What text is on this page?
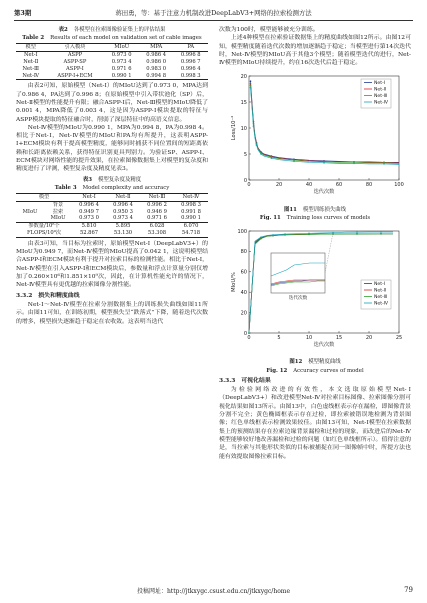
第3期	蒋田勇，等：基于注意力机制改进DeepLabV3+网络的拉索检测方法
表2 各模型在拉索图像验证集上的评估结果
Table 2 Results of each model on validation set of cable images
模型	引入模块	MIoU	MPA	PA
Net-Ⅰ	ASPP	0.973 0	0.986 4	0.996 8
Net-Ⅱ	ASPP-SP	0.973 4	0.986 0	0.996 7
Net-Ⅲ	ASPP-Ⅰ	0.971 6	0.983 0	0.996 4
Net-Ⅳ	ASPP-Ⅰ+ECM	0.990 1	0.994 8	0.998 3

由表2可知，原始模型（Net-Ⅰ）的MIoU达到了0.973 0，MPA达到了0.986 4，PA达到了0.996 8；在原始模型中引入带状池化（SP）后，Net-Ⅱ模型的性能提升有限；融合ASPP-Ⅰ后，Net-Ⅲ模型的MIoU降低了0.001 4，MPA降低了0.003 4，这是因为ASPP-Ⅰ模块提取的特征与ASPP模块提取的特征融合时，削弱了深层特征中的高语义信息。

Net-Ⅳ模型的MIoU为0.990 1，MPA为0.994 8，PA为0.998 4。相比于Net-Ⅰ，Net-Ⅳ模型的MIoU和PA均有所提升，这表明ASPP-Ⅰ+ECM模块有利于提高模型精度，能够同时捕获不同位置间的短距离依赖和长距离依赖关系，获得特征识别更具判别力。为验证SP、ASPP-Ⅰ、ECM模块对网络性能的提升效果，在拉索图像数据集上对模型的复杂度和精度进行了评测，模型复杂度及精度见表3。

表3 模型复杂度及精度
Table 3 Model complexity and accuracy
模型		Net-Ⅰ	Net-Ⅱ	Net-Ⅲ	Net-Ⅳ
MIoU	背景	0.996 4	0.996 4	0.996 2	0.998 3
	拉索	0.949 7	0.950 3	0.946 9	0.991 8
	MIoU	0.973 0	0.973 4	0.971 6	0.990 1
参数量/10⁶个		5.810	5.895	6.028	6.070
FLOPS/10⁹次		52.867	53.130	53.308	54.718

由表3可知，当目标为拉索时，原始模型Net-Ⅰ（DeepLabV3+）的MIoU为0.949 7，而Net-Ⅳ模型的MIoU提高了0.042 1，这说明模型结合ASPP-Ⅰ和ECM模块有利于提升对拉索目标的检测性能。相比于Net-Ⅰ，Net-Ⅳ模型在引入ASPP-Ⅰ和ECM模块后，参数量和浮点计算量分别仅增加了0.260×10⁶和1.851×10⁹次，因此，在计算机性能允许的情况下，Net-Ⅳ模型具有更优越的拉索图像分割性能。

3.3.2　损失和精度曲线

Net-Ⅰ～Net-Ⅳ模型在拉索分割数据集上的训练损失曲线如图11所示。由图11可知，在训练初期，模型损失呈“跌落式”下降，随着迭代次数的增多，模型损失逐渐趋于稳定在农收敛。这表明当迭代

次数为100时，模型能够被充分训练。

上述4种模型在拉索验证数据集上的精度曲线如图12所示。由图12可知，模型精度随着迭代次数的增加逐渐趋于稳定；当模型进行第14次迭代时，Net-Ⅳ模型的MIoU高于其他3个模型；随着模型迭代的进行，Net-Ⅳ模型的MIoU持续提升，约在16次迭代后趋于稳定。

0	20	40	60	80	100
0
5
10
15
20
迭代次数
Loss/10⁻²
Net-Ⅰ
Net-Ⅱ
Net-Ⅲ
Net-Ⅳ
图11 模型训练损失曲线
Fig. 11 Training loss curves of models
0	5	10	15	20	25
0
20
40
60
80
100
迭代次数
MIoU/%	Net-Ⅰ
Net-Ⅱ
Net-Ⅲ
Net-Ⅳ
迭代次数
图12 模型精度曲线
Fig. 12 Accuracy curves of model
3.3.3　可视化结果

为检验网络改进的有效性，本文选取原始模型Net-Ⅰ（DeepLabV3+）和改进模型Net-Ⅳ对拉索目标图像、拉索图像分割可视化结果如图13所示。由图13中，白色虚线框表示存在漏检，即图像背景分割不完全；黄色椭圆框表示存在过检，即拉索被错误地检测为背景图像；红色单线框表示检测效果较佳。由图13可知，Net-Ⅰ模型在拉索数据集上的预测结果存在拉索边缘背景漏检和过检的现象，而改进后的Net-Ⅳ模型能够较好地改善漏检和过检的问题（如红色单线框所示）。值得注意的是，当拉索与其他形状类似的目标被捕捉在同一图像帧中时，所提方法也能有效提取图像拉索目标。

投稿网址：http://jtkxygc.csust.edu.cn/jtkxygc/home	79
